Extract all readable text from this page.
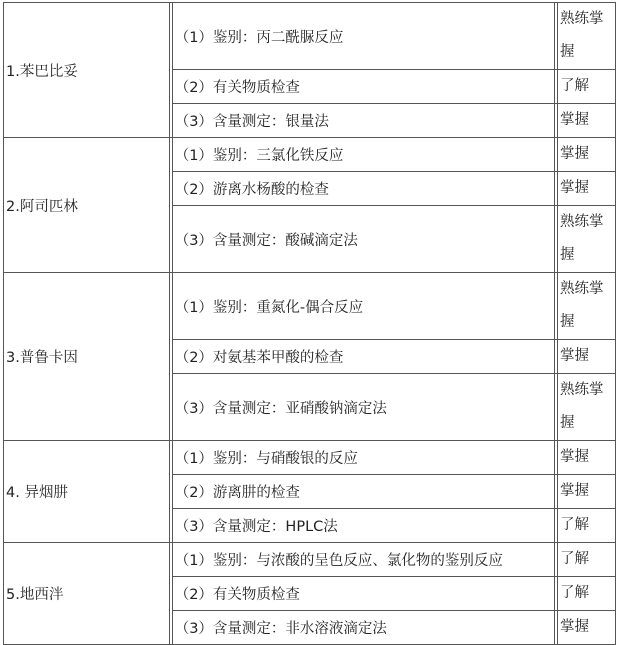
1.苯巴比妥	（1）鉴别：丙二酰脲反应	熟练掌握
	（2）有关物质检查	了解
	（3）含量测定：银量法	掌握
2.阿司匹林	（1）鉴别：三氯化铁反应	掌握
	（2）游离水杨酸的检查	掌握
	（3）含量测定：酸碱滴定法	熟练掌握
3.普鲁卡因	（1）鉴别：重氮化-偶合反应	熟练掌握
	（2）对氨基苯甲酸的检查	掌握
	（3）含量测定：亚硝酸钠滴定法	熟练掌握
4. 异烟肼	（1）鉴别：与硝酸银的反应	掌握
	（2）游离肼的检查	掌握
	（3）含量测定：HPLC法	了解
5.地西泮	（1）鉴别：与浓酸的呈色反应、氯化物的鉴别反应	了解
	（2）有关物质检查	了解
	（3）含量测定：非水溶液滴定法	掌握
